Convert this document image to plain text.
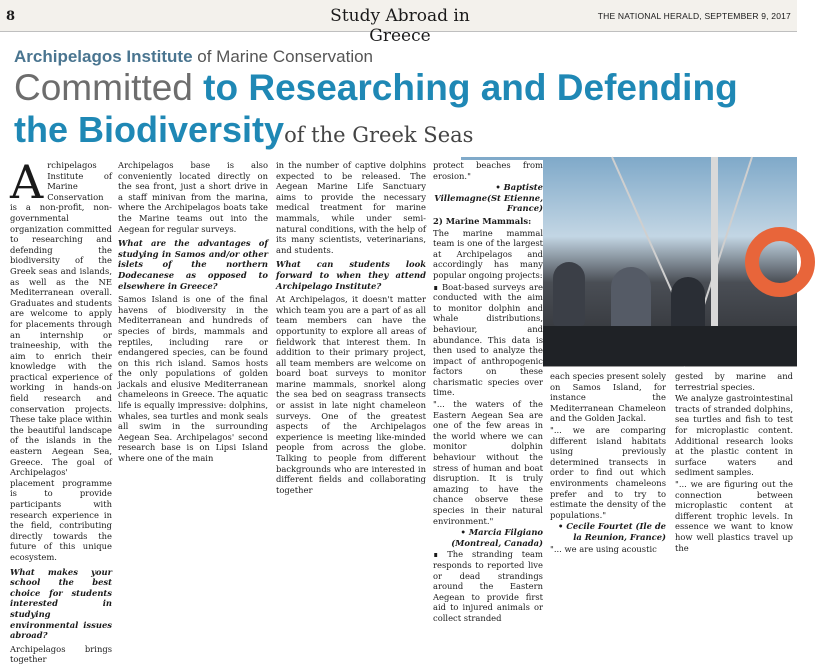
8	Study Abroad in Greece
THE NATIONAL HERALD, SEPTEMBER 9, 2017
Archipelagos Institute of Marine Conservation
Committed to Researching and Defending
the Biodiversityof the Greek Seas
A rchipelagos Institute of Marine Conservation is a non-profit, non-governmental organization committed to researching and defending the biodiversity of the Greek seas and islands, as well as the NE Mediterranean overall. Graduates and students are welcome to apply for placements through an internship or traineeship, with the aim to enrich their knowledge with the practical experience of working in hands-on field research and conservation projects. These take place within the beautiful landscape of the islands in the eastern Aegean Sea, Greece. The goal of Archipelagos' placement programme is to provide participants with research experience in the field, contributing directly towards the future of this unique ecosystem.

What makes your school the best choice for students interested in studying environmental issues abroad?

Archipelagos brings together

Archipelagos base is also conveniently located directly on the sea front, just a short drive in a staff minivan from the marina, where the Archipelagos boats take the Marine teams out into the Aegean for regular surveys.

What are the advantages of studying in Samos and/or other islets of the northern Dodecanese as opposed to elsewhere in Greece?

Samos Island is one of the final havens of biodiversity in the Mediterranean and hundreds of species of birds, mammals and reptiles, including rare or endangered species, can be found on this rich island. Samos hosts the only populations of golden jackals and elusive Mediterranean chameleons in Greece. The aquatic life is equally impressive: dolphins, whales, sea turtles and monk seals all swim in the surrounding Aegean Sea. Archipelagos' second research base is on Lipsi Island where one of the main

in the number of captive dolphins expected to be released. The Aegean Marine Life Sanctuary aims to provide the necessary medical treatment for marine mammals, while under semi-natural conditions, with the help of its many scientists, veterinarians, and students.

What can students look forward to when they attend Archipelago Institute?

At Archipelagos, it doesn't matter which team you are a part of as all team members can have the opportunity to explore all areas of fieldwork that interest them. In addition to their primary project, all team members are welcome on board boat surveys to monitor marine mammals, snorkel along the sea bed on seagrass transects or assist in late night chameleon surveys. One of the greatest aspects of the Archipelagos experience is meeting like-minded people from across the globe. Talking to people from different backgrounds who are interested in different fields and collaborating together

protect beaches from erosion."

• Baptiste Villemagne(St Etienne, France)

2) Marine Mammals:

The marine mammal team is one of the largest at Archipelagos and accordingly has many popular ongoing projects:

∎ Boat-based surveys are conducted with the aim to monitor dolphin and whale distributions, behaviour, and abundance. This data is then used to analyze the impact of anthropogenic factors on these charismatic species over time.

"... the waters of the Eastern Aegean Sea are one of the few areas in the world where we can monitor dolphin behaviour without the stress of human and boat disruption. It is truly amazing to have the chance observe these species in their natural environment."

• Marcia Filgiano (Montreal, Canada)

∎ The stranding team responds to reported live or dead strandings around the Eastern Aegean to provide first aid to injured animals or collect stranded

each species present solely on Samos Island, for instance the Mediterranean Chameleon and the Golden Jackal.

"... we are comparing different island habitats using previously determined transects in order to find out which environments chameleons prefer and to try to estimate the density of the populations."

• Cecile Fourtet (Ile de la Reunion, France)

"... we are using acoustic

gested by marine and terrestrial species.

We analyze gastrointestinal tracts of stranded dolphins, sea turtles and fish to test for microplastic content. Additional research looks at the plastic content in surface waters and sediment samples.

"... we are figuring out the connection between microplastic content at different trophic levels. In essence we want to know how well plastics travel up the
